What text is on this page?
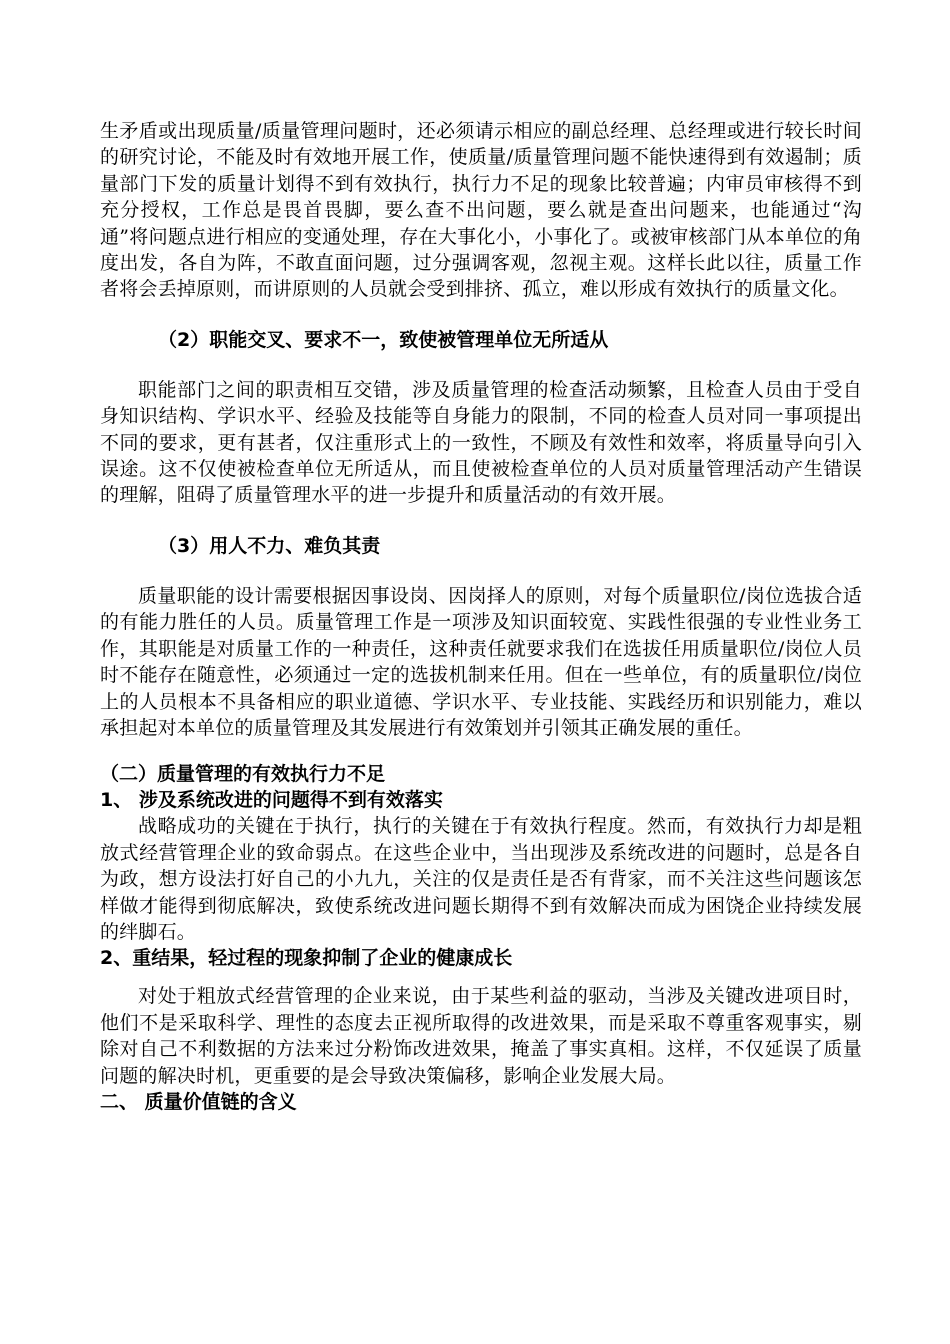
生矛盾或出现质量/质量管理问题时，还必须请示相应的副总经理、总经理或进行较长时间的研究讨论，不能及时有效地开展工作，使质量/质量管理问题不能快速得到有效遏制；质量部门下发的质量计划得不到有效执行，执行力不足的现象比较普遍；内审员审核得不到充分授权，工作总是畏首畏脚，要么查不出问题，要么就是查出问题来，也能通过“沟通”将问题点进行相应的变通处理，存在大事化小，小事化了。或被审核部门从本单位的角度出发，各自为阵，不敢直面问题，过分强调客观，忽视主观。这样长此以往，质量工作者将会丢掉原则，而讲原则的人员就会受到排挤、孤立，难以形成有效执行的质量文化。

（2）职能交叉、要求不一，致使被管理单位无所适从

职能部门之间的职责相互交错，涉及质量管理的检查活动频繁，且检查人员由于受自身知识结构、学识水平、经验及技能等自身能力的限制，不同的检查人员对同一事项提出不同的要求，更有甚者，仅注重形式上的一致性，不顾及有效性和效率，将质量导向引入误途。这不仅使被检查单位无所适从，而且使被检查单位的人员对质量管理活动产生错误的理解，阻碍了质量管理水平的进一步提升和质量活动的有效开展。

（3）用人不力、难负其责

质量职能的设计需要根据因事设岗、因岗择人的原则，对每个质量职位/岗位选拔合适的有能力胜任的人员。质量管理工作是一项涉及知识面较宽、实践性很强的专业性业务工作，其职能是对质量工作的一种责任，这种责任就要求我们在选拔任用质量职位/岗位人员时不能存在随意性，必须通过一定的选拔机制来任用。但在一些单位，有的质量职位/岗位上的人员根本不具备相应的职业道德、学识水平、专业技能、实践经历和识别能力，难以承担起对本单位的质量管理及其发展进行有效策划并引领其正确发展的重任。

（二）质量管理的有效执行力不足
1、 涉及系统改进的问题得不到有效落实

战略成功的关键在于执行，执行的关键在于有效执行程度。然而，有效执行力却是粗放式经营管理企业的致命弱点。在这些企业中，当出现涉及系统改进的问题时，总是各自为政，想方设法打好自己的小九九，关注的仅是责任是否有背家，而不关注这些问题该怎样做才能得到彻底解决，致使系统改进问题长期得不到有效解决而成为困饶企业持续发展的绊脚石。

2、重结果，轻过程的现象抑制了企业的健康成长

对处于粗放式经营管理的企业来说，由于某些利益的驱动，当涉及关键改进项目时，他们不是采取科学、理性的态度去正视所取得的改进效果，而是采取不尊重客观事实，剔除对自己不利数据的方法来过分粉饰改进效果，掩盖了事实真相。这样，不仅延误了质量问题的解决时机，更重要的是会导致决策偏移，影响企业发展大局。

二、 质量价值链的含义
